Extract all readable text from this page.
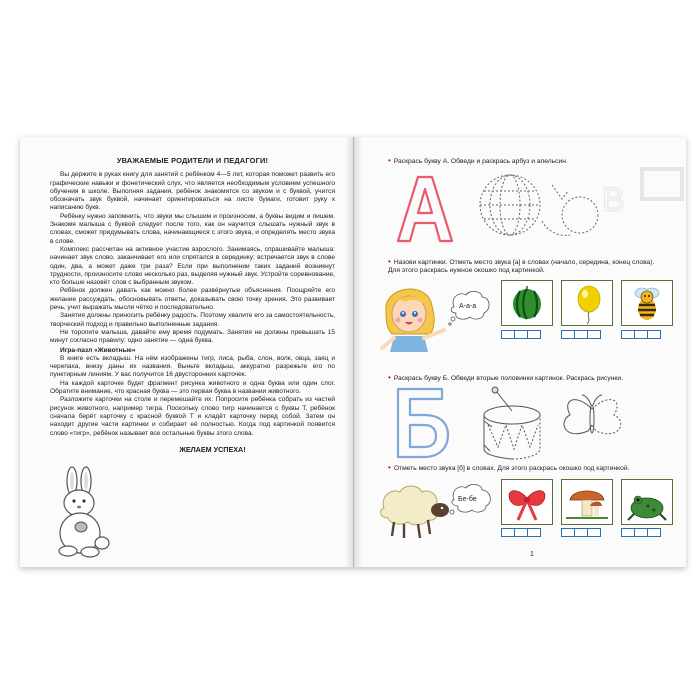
УВАЖАЕМЫЕ РОДИТЕЛИ И ПЕДАГОГИ!

Вы держите в руках книгу для занятий с ребёнком 4—5 лет, которая поможет развить его графические навыки и фонетический слух, что является необходимым условием успешного обучения в школе. Выполняя задания, ребёнок знакомится со звуком и с буквой, учится обозначать звук буквой, начинает ориентироваться на листе бумаги, готовит руку к написанию букв.

Ребёнку нужно запомнить, что звуки мы слышим и произносим, а буквы видим и пишем. Знакомя малыша с буквой следует после того, как он научится слышать нужный звук в словах, сможет придумывать слова, начинающиеся с этого звука, и определять место звука в слове.

Комплекс рассчитан на активное участие взрослого. Занимаясь, спрашивайте малыша: начинает звук слово, заканчивает его или спрятался в серединку; встречается звук в слове один, два, а может даже три раза? Если при выполнении таких заданий возникнут трудности, произносите слово несколько раз, выделяя нужный звук. Устройте соревнование, кто больше назовёт слов с выбранным звуком.

Ребёнок должен давать как можно более развёрнутые объяснения. Поощряйте его желание рассуждать, обосновывать ответы, доказывать свою точку зрения. Это развивает речь, учит выражать мысли чётко и последовательно.

Занятия должны приносить ребёнку радость. Поэтому хвалите его за самостоятельность, творческий подход и правильно выполненные задания.

Не торопите малыша, давайте ему время подумать. Занятия не должны превышать 15 минут согласно правилу: одно занятие — одна буква.

Игра-пазл «Животные»

В книге есть вкладыш. На нём изображены тигр, лиса, рыба, слон, волк, овца, заяц и черепаха, внизу даны их названия. Выньте вкладыш, аккуратно разрежьте его по пунктирным линиям. У вас получится 16 двусторонних карточек.

На каждой карточке будет фрагмент рисунка животного и одна буква или один слог. Обратите внимание, что красная буква — это первая буква в названии животного.

Разложите карточки на столе и перемешайте их. Попросите ребёнка собрать из частей рисунок животного, например тигра. Поскольку слово тигр начинается с буквы Т, ребёнок сначала берёт карточку с красной буквой Т и кладёт карточку перед собой. Затем он находит другие части картинки и собирает её полностью. Когда под картинкой появится слово «тигр», ребёнок называет все остальные буквы этого слова.

ЖЕЛАЕМ УСПЕХА!

• Раскрась букву А. Обведи и раскрась арбуз и апельсин.
В
• Назови картинки. Отметь место звука [а] в словах (начало, середина, конец слова). Для этого раскрась нужное окошко под картинкой.
А-а-а
• Раскрась букву Б. Обведи вторые половинки картинок. Раскрась рисунки.
• Отметь место звука [б] в словах. Для этого раскрась окошко под картинкой.
Бе-бе
1
